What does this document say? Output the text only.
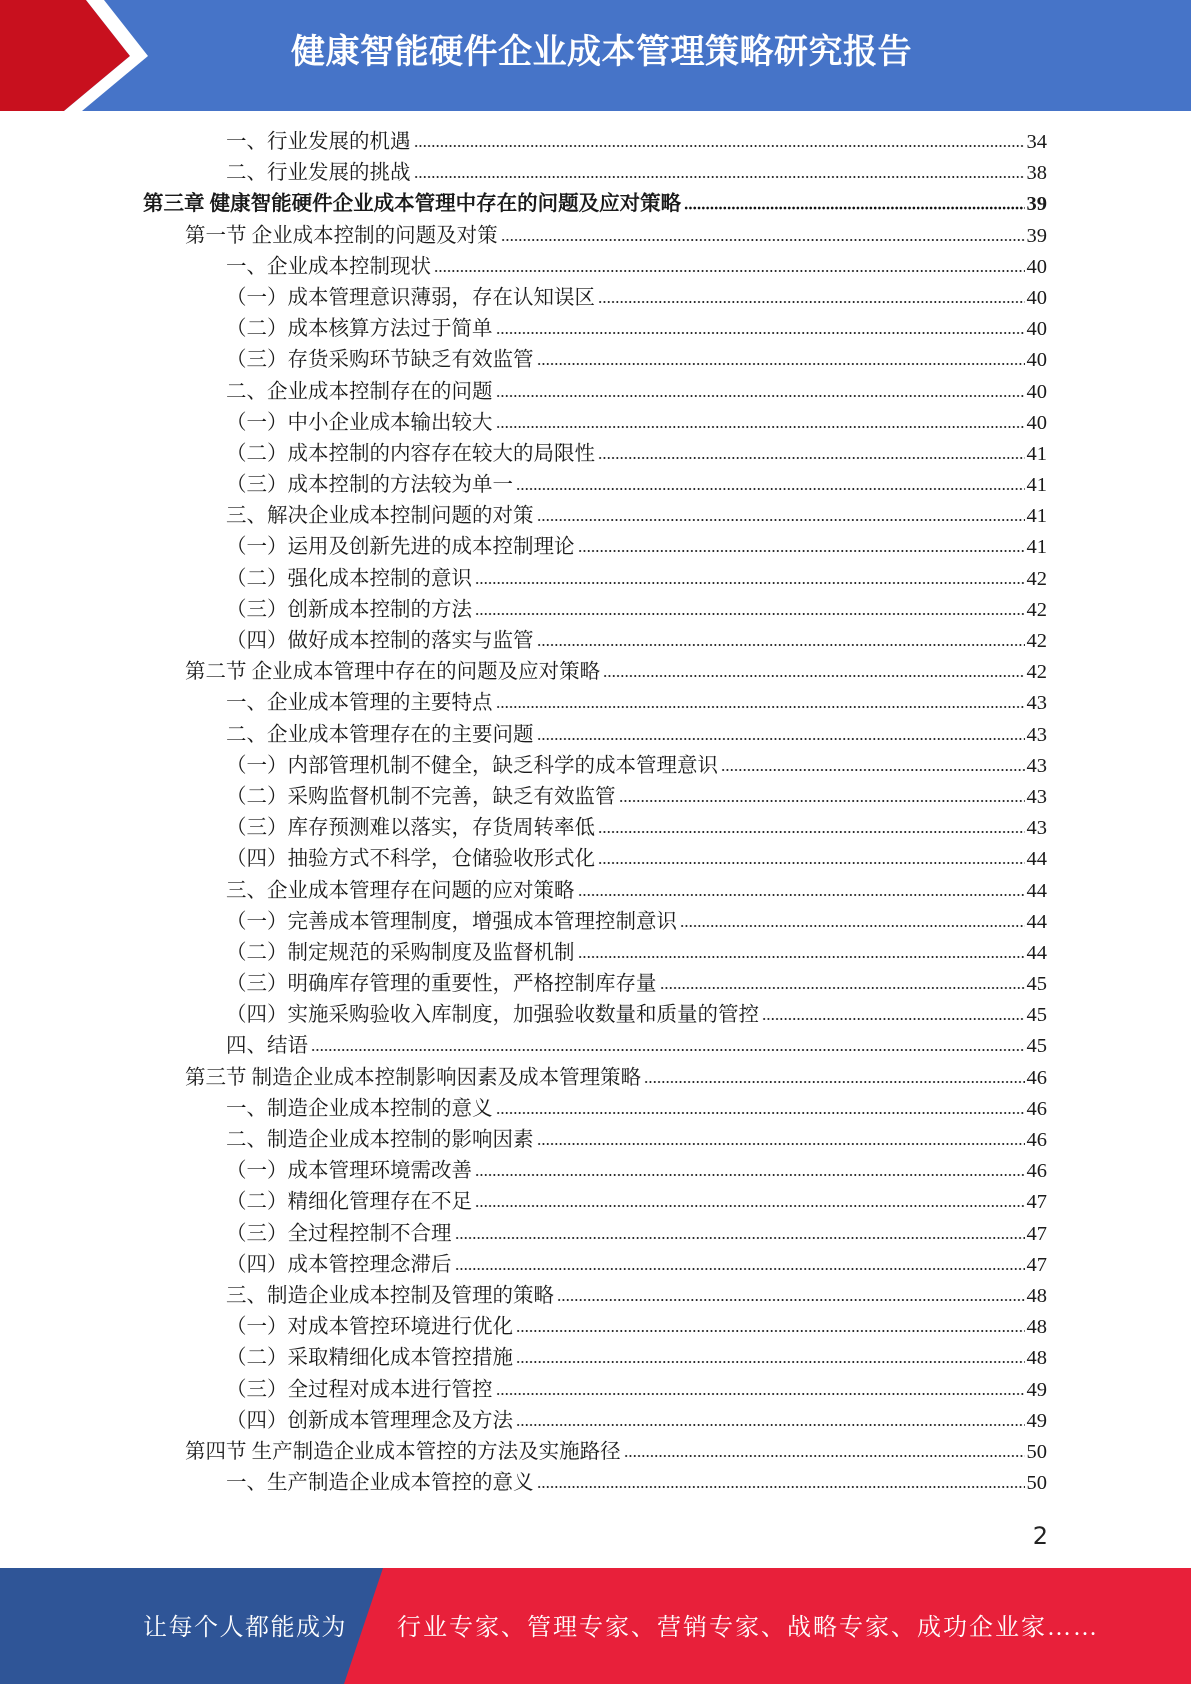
健康智能硬件企业成本管理策略研究报告
一、行业发展的机遇	34
二、行业发展的挑战	38
第三章 健康智能硬件企业成本管理中存在的问题及应对策略	39
第一节 企业成本控制的问题及对策	39
一、企业成本控制现状	40
（一）成本管理意识薄弱，存在认知误区	40
（二）成本核算方法过于简单	40
（三）存货采购环节缺乏有效监管	40
二、企业成本控制存在的问题	40
（一）中小企业成本输出较大	40
（二）成本控制的内容存在较大的局限性	41
（三）成本控制的方法较为单一	41
三、解决企业成本控制问题的对策	41
（一）运用及创新先进的成本控制理论	41
（二）强化成本控制的意识	42
（三）创新成本控制的方法	42
（四）做好成本控制的落实与监管	42
第二节 企业成本管理中存在的问题及应对策略	42
一、企业成本管理的主要特点	43
二、企业成本管理存在的主要问题	43
（一）内部管理机制不健全，缺乏科学的成本管理意识	43
（二）采购监督机制不完善，缺乏有效监管	43
（三）库存预测难以落实，存货周转率低	43
（四）抽验方式不科学，仓储验收形式化	44
三、企业成本管理存在问题的应对策略	44
（一）完善成本管理制度，增强成本管理控制意识	44
（二）制定规范的采购制度及监督机制	44
（三）明确库存管理的重要性，严格控制库存量	45
（四）实施采购验收入库制度，加强验收数量和质量的管控	45
四、结语	45
第三节 制造企业成本控制影响因素及成本管理策略	46
一、制造企业成本控制的意义	46
二、制造企业成本控制的影响因素	46
（一）成本管理环境需改善	46
（二）精细化管理存在不足	47
（三）全过程控制不合理	47
（四）成本管控理念滞后	47
三、制造企业成本控制及管理的策略	48
（一）对成本管控环境进行优化	48
（二）采取精细化成本管控措施	48
（三）全过程对成本进行管控	49
（四）创新成本管理理念及方法	49
第四节 生产制造企业成本管控的方法及实施路径	50
一、生产制造企业成本管控的意义	50
2
让每个人都能成为 行业专家、管理专家、营销专家、战略专家、成功企业家……
